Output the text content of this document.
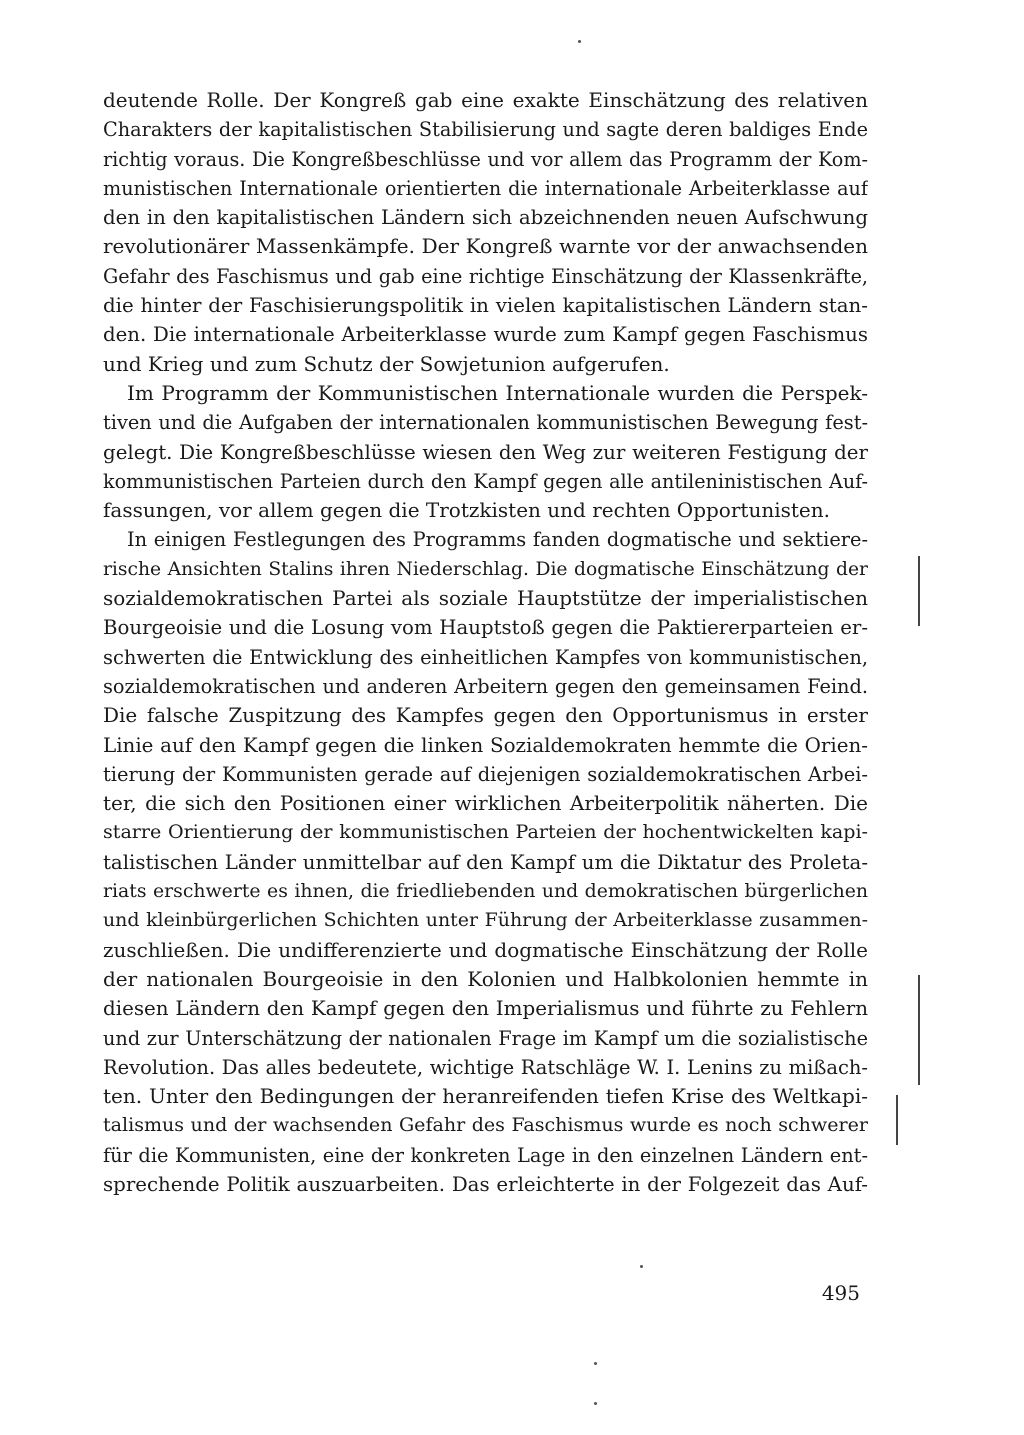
deutende Rolle. Der Kongreß gab eine exakte Einschätzung des relativen
Charakters der kapitalistischen Stabilisierung und sagte deren baldiges Ende
richtig voraus. Die Kongreßbeschlüsse und vor allem das Programm der Kom-
munistischen Internationale orientierten die internationale Arbeiterklasse auf
den in den kapitalistischen Ländern sich abzeichnenden neuen Aufschwung
revolutionärer Massenkämpfe. Der Kongreß warnte vor der anwachsenden
Gefahr des Faschismus und gab eine richtige Einschätzung der Klassenkräfte,
die hinter der Faschisierungspolitik in vielen kapitalistischen Ländern stan-
den. Die internationale Arbeiterklasse wurde zum Kampf gegen Faschismus
und Krieg und zum Schutz der Sowjetunion aufgerufen.
Im Programm der Kommunistischen Internationale wurden die Perspek-
tiven und die Aufgaben der internationalen kommunistischen Bewegung fest-
gelegt. Die Kongreßbeschlüsse wiesen den Weg zur weiteren Festigung der
kommunistischen Parteien durch den Kampf gegen alle antileninistischen Auf-
fassungen, vor allem gegen die Trotzkisten und rechten Opportunisten.
In einigen Festlegungen des Programms fanden dogmatische und sektiere-
rische Ansichten Stalins ihren Niederschlag. Die dogmatische Einschätzung der
sozialdemokratischen Partei als soziale Hauptstütze der imperialistischen
Bourgeoisie und die Losung vom Hauptstoß gegen die Paktiererparteien er-
schwerten die Entwicklung des einheitlichen Kampfes von kommunistischen,
sozialdemokratischen und anderen Arbeitern gegen den gemeinsamen Feind.
Die falsche Zuspitzung des Kampfes gegen den Opportunismus in erster
Linie auf den Kampf gegen die linken Sozialdemokraten hemmte die Orien-
tierung der Kommunisten gerade auf diejenigen sozialdemokratischen Arbei-
ter, die sich den Positionen einer wirklichen Arbeiterpolitik näherten. Die
starre Orientierung der kommunistischen Parteien der hochentwickelten kapi-
talistischen Länder unmittelbar auf den Kampf um die Diktatur des Proleta-
riats erschwerte es ihnen, die friedliebenden und demokratischen bürgerlichen
und kleinbürgerlichen Schichten unter Führung der Arbeiterklasse zusammen-
zuschließen. Die undifferenzierte und dogmatische Einschätzung der Rolle
der nationalen Bourgeoisie in den Kolonien und Halbkolonien hemmte in
diesen Ländern den Kampf gegen den Imperialismus und führte zu Fehlern
und zur Unterschätzung der nationalen Frage im Kampf um die sozialistische
Revolution. Das alles bedeutete, wichtige Ratschläge W. I. Lenins zu mißach-
ten. Unter den Bedingungen der heranreifenden tiefen Krise des Weltkapi-
talismus und der wachsenden Gefahr des Faschismus wurde es noch schwerer
für die Kommunisten, eine der konkreten Lage in den einzelnen Ländern ent-
sprechende Politik auszuarbeiten. Das erleichterte in der Folgezeit das Auf-
495
